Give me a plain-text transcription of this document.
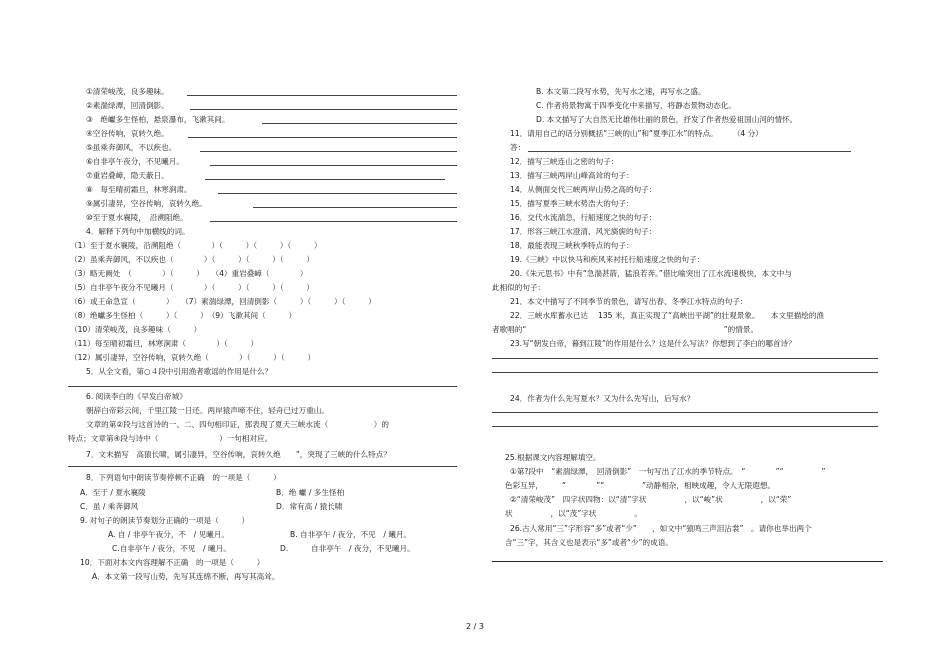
①清荣峻茂，良多趣味。
②素湍绿潭，回清倒影。
③　绝巘多生怪柏，悬泉瀑布，飞漱其间。
④空谷传响，哀转久绝。
⑤虽乘奔御风，不以疾也。
⑥自非亭午夜分，不见曦月。
⑦重岩叠嶂，隐天蔽日。
⑧　每至晴初霜旦，林寒涧肃。
⑨属引凄异，空谷传响，哀转久绝。
⑩至于夏水襄陵，　沿溯阻绝。
4．解释下列句中加横线的词。
（1）至于夏水襄陵，沿溯阻绝（　　　　）（　　　）（　　　）（　　　）
（2）虽乘奔御风，不以疾也（　　　　）（　　　）（　　　）（　　　）
（3）略无阙处　（　　　　）（　　　）　　（4）重岩叠嶂（　　　　）
（5）自非亭午夜分不见曦月（　　　　）（　　　）（　　　）（　　　）
（6）或王命急宣（　　　　）　　（7）素湍绿潭，回清倒影（　　　）（　　　）（　　　）
（8）绝巘多生怪柏（　　　）（　　　）　（9）飞漱其间（　　　）
（10）清荣峻茂，良多趣味（　　　）
（11）每至晴初霜旦，林寒涧肃（　　　　）（　　　）
（12）属引凄异，空谷传响，哀转久绝（　　　　）（　　　）（　　　）
5．从全文看，第○４段中引用渔者歌谣的作用是什么？
6. 阅读李白的《早发白帝城》
朝辞白帝彩云间，千里江陵一日还。两岸猿声啼不住，轻舟已过万重山。
文章的第②段与这首诗的一、二、四句相印证，那表现了夏天三峡水流（　　　　　　）的
特点；文章第④段与诗中（　　　　　　　　）一句相对应。
7．文末描写　高猿长啸，属引凄异，空谷传响，哀转久绝　　”，突现了三峡的什么特点？
8．下列语句中朗读节奏停顿不正确　的一项是（　　　）
A．至于 / 夏水襄陵	B．绝 巘 / 多生怪柏
C．虽 / 乘奔御风	D．常有高 / 猿长啸
9. 对句子的朗读节奏划分正确的一项是（　　　）
A. 自 / 非亭午夜分，不　/ 见曦月。	B. 自非亭午 / 夜分，不见　/ 曦月。
C.自非亭午 / 夜分，不见　/ 曦月。	D.　　　自非亭午　/ 夜分，不见曦月。
10．下面对本文内容理解不正确　的一项是（　　　）
A．本文第一段写山势，先写其连绵不断，再写其高耸。
B. 本文第二段写水势，先写水之速，再写水之盛。
C. 作者将景物寓于四季变化中来描写，将静态景物动态化。
D. 本文描写了大自然无比雄伟壮丽的景色，抒发了作者热爱祖国山河的情怀。
11．请用自己的话分别概括“三峡的山”和“夏季江水”的特点。　　　（4 分）
答：
12．描写三峡连山之密的句子：
13．描写三峡两岸山峰高耸的句子：
14．从侧面交代三峡两岸山势之高的句子：
15．描写夏季三峡水势浩大的句子：
16．交代水流湍急，行船速度之快的句子：
17．形容三峡江水澄清、风光旖旎的句子：
18．最能表现三峡秋季特点的句子：
19.《三峡》中以快马和疾风来衬托行船速度之快的句子：
20.《朱元思书》中有“急湍甚箭，猛浪若奔。”借比喻突出了江水流速极快，本文中与
此相似的句子：
21．本文中描写了不同季节的景色，请写出春、冬季江水特点的句子：
22．三峡水库蓄水已达　 135 米，真正实现了“高峡出平湖”的壮观景象。　　本文里描绘的渔
者歌唱的“　　　　　　　　　　　　　　　　　　　　　　　　　　”的情景。
23.写“朝发白帝，暮到江陵”的作用是什么？这是什么写法？你想到了李白的哪首诗？
24．作者为什么先写夏水？又为什么先写山，后写水？
25.根据课文内容理解填空。
①第?段中　“素湍绿潭，　回清倒影”　一句写出了江水的季节特点。　“　　　　”“　　　　　”
色彩互异，　　　“　　　　”“　　　　　”动静相杂，相映成趣，令人无限遐想。
②“清荣峻茂”　四字状四物：以“清”字状　　　　　，以“峻”状　　　　　，以“荣”
状　　　　　，以“茂”字状　　　　　。
26.古人常用“三”字形容“多”或者“少”　　，如文中“猿鸣三声泪沾裳”　。请你也举出两个
含“三”字，其含义也是表示“多”或者“少”的成语。
2 / 3
